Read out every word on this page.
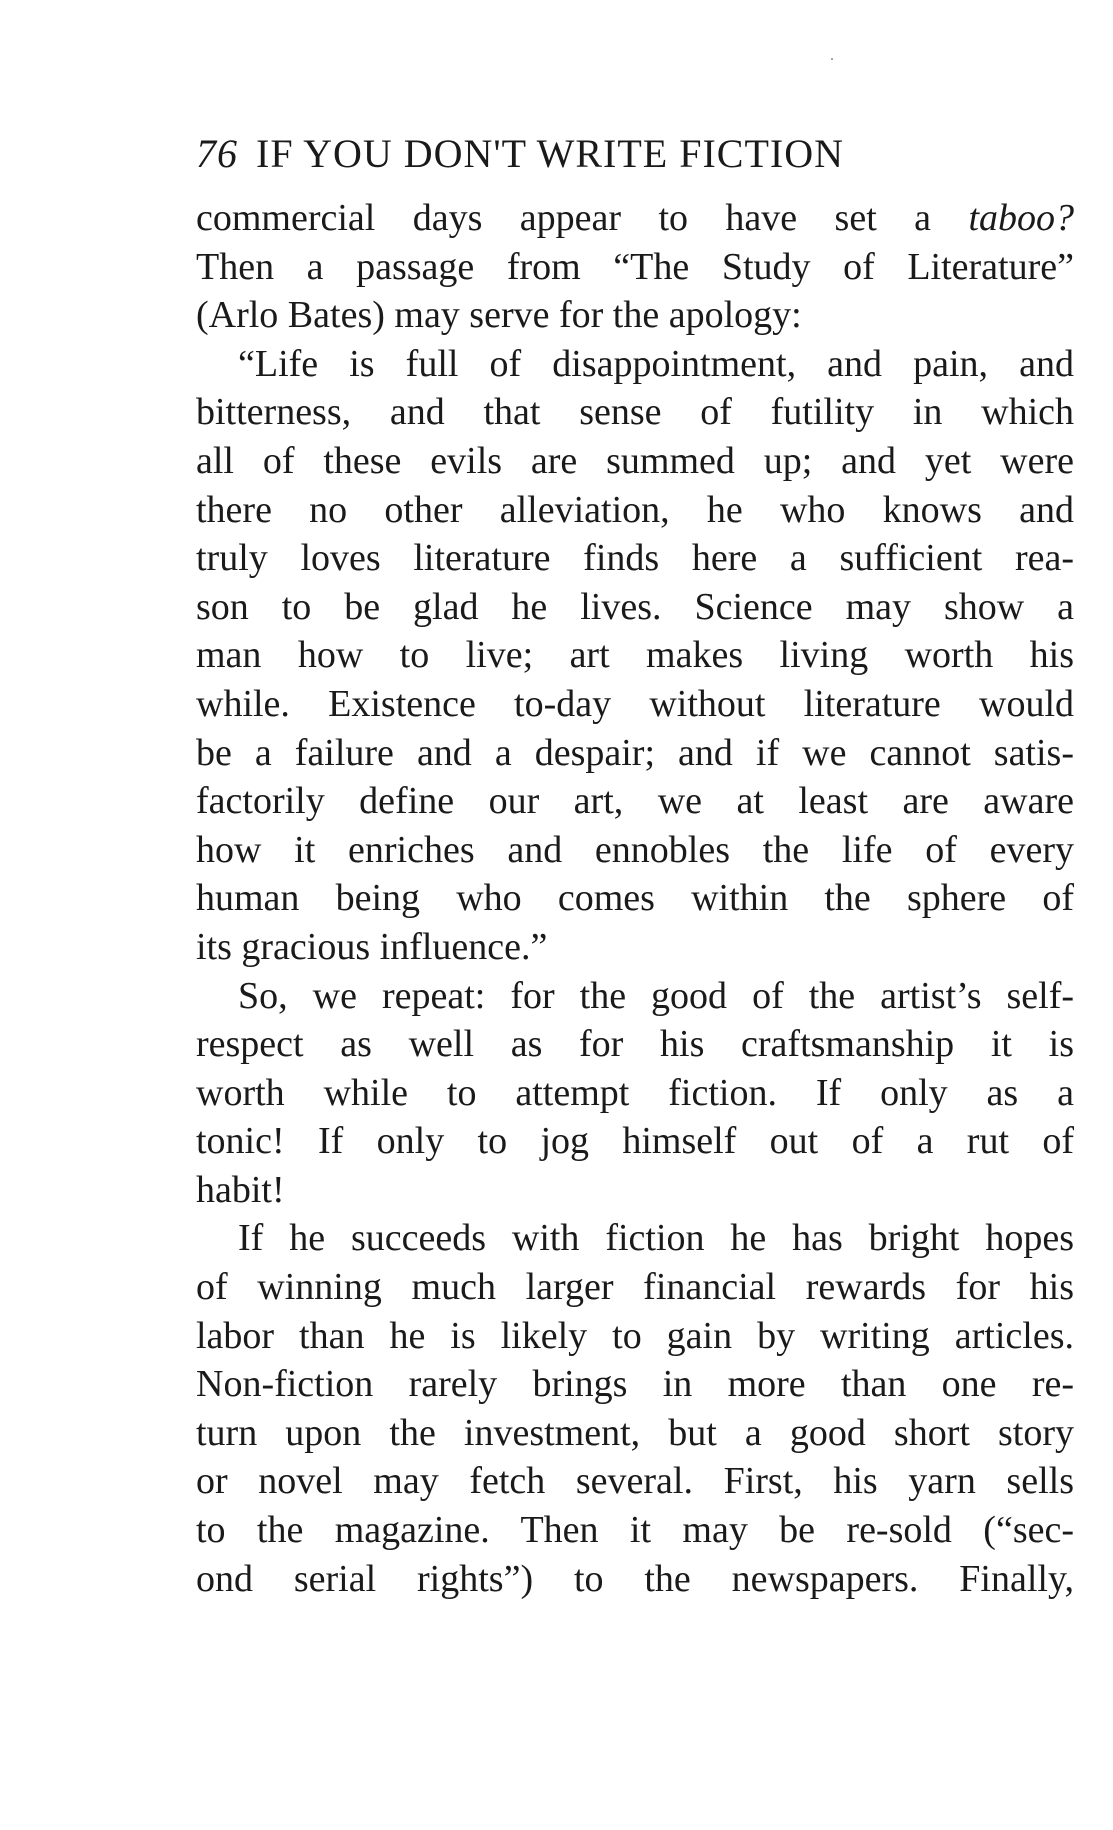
76 IF YOU DON'T WRITE FICTION
commercial days appear to have set a taboo?
Then a passage from “The Study of Literature”
(Arlo Bates) may serve for the apology:
“Life is full of disappointment, and pain, and
bitterness, and that sense of futility in which
all of these evils are summed up; and yet were
there no other alleviation, he who knows and
truly loves literature finds here a sufficient rea-
son to be glad he lives. Science may show a
man how to live; art makes living worth his
while. Existence to-day without literature would
be a failure and a despair; and if we cannot satis-
factorily define our art, we at least are aware
how it enriches and ennobles the life of every
human being who comes within the sphere of
its gracious influence.”
So, we repeat: for the good of the artist’s self-
respect as well as for his craftsmanship it is
worth while to attempt fiction. If only as a
tonic! If only to jog himself out of a rut of
habit!
If he succeeds with fiction he has bright hopes
of winning much larger financial rewards for his
labor than he is likely to gain by writing articles.
Non-fiction rarely brings in more than one re-
turn upon the investment, but a good short story
or novel may fetch several. First, his yarn sells
to the magazine. Then it may be re-sold (“sec-
ond serial rights”) to the newspapers. Finally,
